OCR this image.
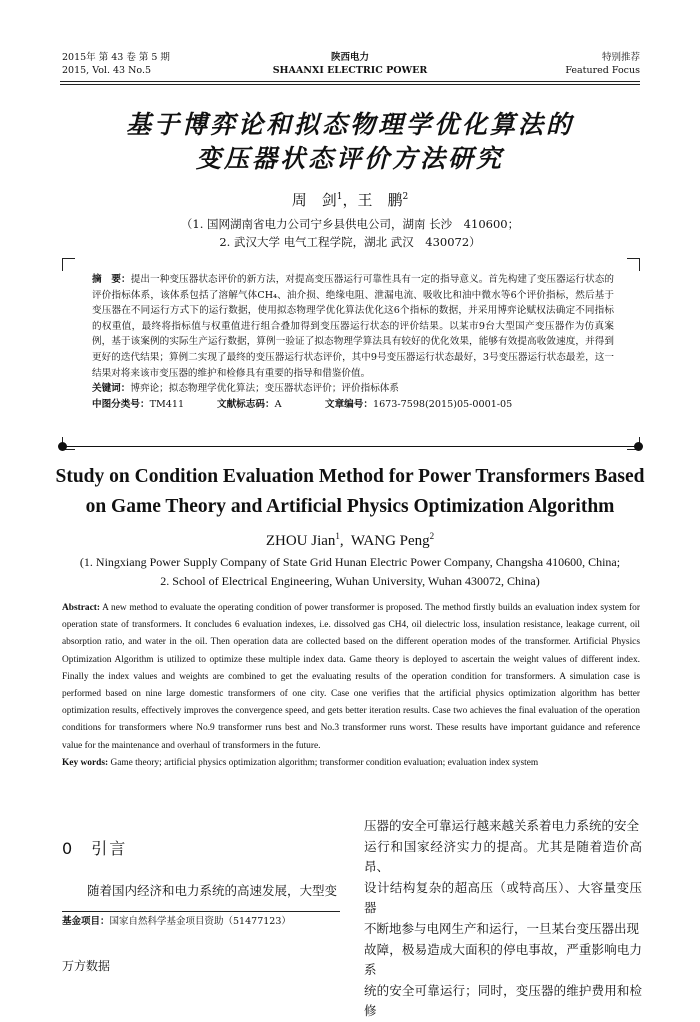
2015年 第 43 卷 第 5 期
2015, Vol. 43 No.5
陕西电力
SHAANXI ELECTRIC POWER
特别推荐
Featured Focus
基于博弈论和拟态物理学优化算法的
变压器状态评价方法研究
周　剑$^1$，王　鹏$^2$
（1. 国网湖南省电力公司宁乡县供电公司，湖南 长沙　410600；
2. 武汉大学 电气工程学院，湖北 武汉　430072）
摘　要：提出一种变压器状态评价的新方法，对提高变压器运行可靠性具有一定的指导意义。首先构建了变压器运行状态的评价指标体系，该体系包括了溶解气体CH₄、油介损、绝缘电阻、泄漏电流、吸收比和油中微水等6个评价指标，然后基于变压器在不同运行方式下的运行数据，使用拟态物理学优化算法优化这6个指标的数据，并采用博弈论赋权法确定不同指标的权重值，最终将指标值与权重值进行组合叠加得到变压器运行状态的评价结果。以某市9台大型国产变压器作为仿真案例，基于该案例的实际生产运行数据，算例一验证了拟态物理学算法具有较好的优化效果，能够有效提高收敛速度，并得到更好的迭代结果；算例二实现了最终的变压器运行状态评价，其中9号变压器运行状态最好，3号变压器运行状态最差，这一结果对将来该市变压器的维护和检修具有重要的指导和借鉴价值。
关键词：博弈论；拟态物理学优化算法；变压器状态评价；评价指标体系
中图分类号：TM411	文献标志码：A	文章编号：1673-7598(2015)05-0001-05
Study on Condition Evaluation Method for Power Transformers Based
on Game Theory and Artificial Physics Optimization Algorithm
ZHOU Jian$^1$,  WANG Peng$^2$
(1. Ningxiang Power Supply Company of State Grid Hunan Electric Power Company, Changsha 410600, China;
2. School of Electrical Engineering, Wuhan University, Wuhan 430072, China)
Abstract: A new method to evaluate the operating condition of power transformer is proposed. The method firstly builds an evaluation index system for operation state of transformers. It concludes 6 evaluation indexes, i.e. dissolved gas CH4, oil dielectric loss, insulation resistance, leakage current, oil absorption ratio, and water in the oil. Then operation data are collected based on the different operation modes of the transformer. Artificial Physics Optimization Algorithm is utilized to optimize these multiple index data. Game theory is deployed to ascertain the weight values of different index. Finally the index values and weights are combined to get the evaluating results of the operation condition for transformers. A simulation case is performed based on nine large domestic transformers of one city. Case one verifies that the artificial physics optimization algorithm has better optimization results, effectively improves the convergence speed, and gets better iteration results. Case two achieves the final evaluation of the operation conditions for transformers where No.9 transformer runs best and No.3 transformer runs worst. These results have important guidance and reference value for the maintenance and overhaul of transformers in the future.
Key words: Game theory; artificial physics optimization algorithm; transformer condition evaluation; evaluation index system
0 引言
随着国内经济和电力系统的高速发展，大型变
基金项目：国家自然科学基金项目资助（51477123）
压器的安全可靠运行越来越关系着电力系统的安全
运行和国家经济实力的提高。尤其是随着造价高昂、
设计结构复杂的超高压（或特高压）、大容量变压器
不断地参与电网生产和运行，一旦某台变压器出现
故障，极易造成大面积的停电事故，严重影响电力系
统的安全可靠运行；同时，变压器的维护费用和检修
万方数据
